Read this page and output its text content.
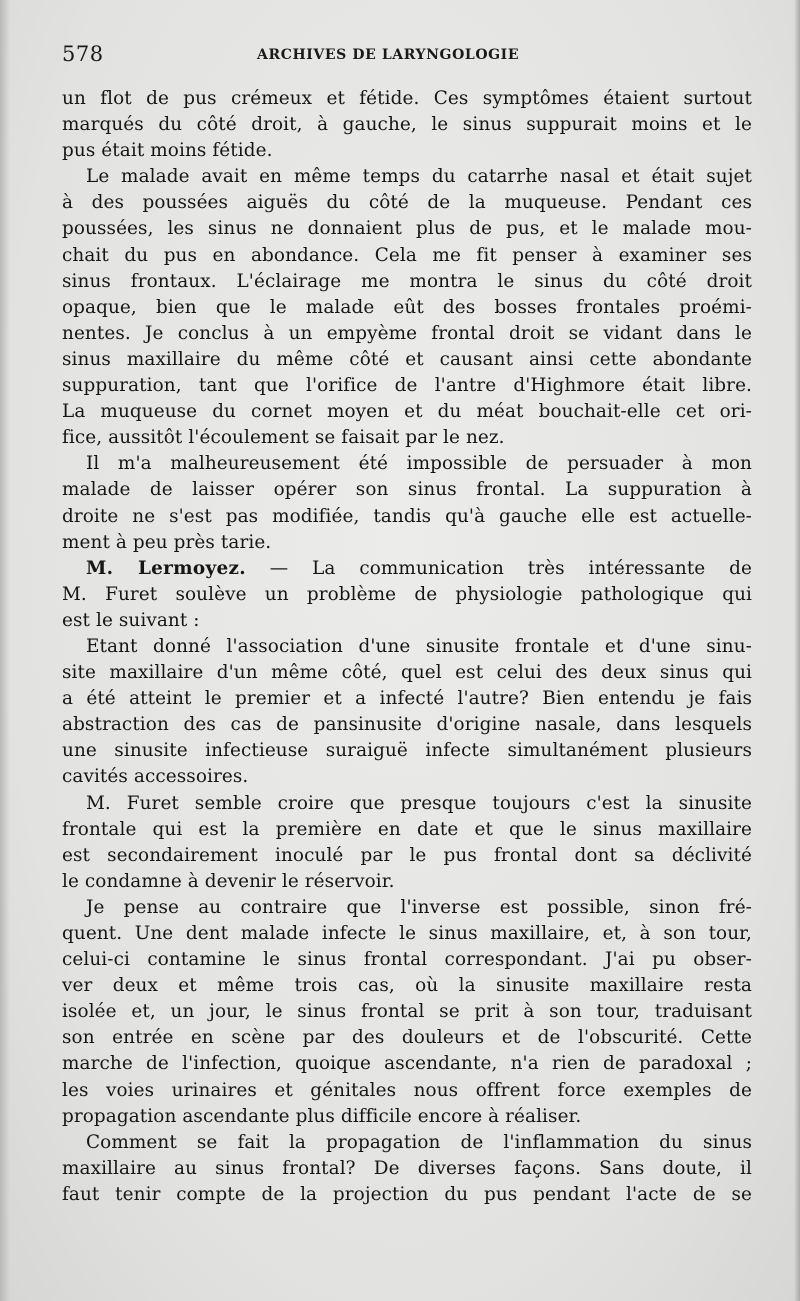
578	ARCHIVES DE LARYNGOLOGIE
un flot de pus crémeux et fétide. Ces symptômes étaient surtout
marqués du côté droit, à gauche, le sinus suppurait moins et le
pus était moins fétide.
Le malade avait en même temps du catarrhe nasal et était sujet
à des poussées aiguës du côté de la muqueuse. Pendant ces
poussées, les sinus ne donnaient plus de pus, et le malade mou-
chait du pus en abondance. Cela me fit penser à examiner ses
sinus frontaux. L'éclairage me montra le sinus du côté droit
opaque, bien que le malade eût des bosses frontales proémi-
nentes. Je conclus à un empyème frontal droit se vidant dans le
sinus maxillaire du même côté et causant ainsi cette abondante
suppuration, tant que l'orifice de l'antre d'Highmore était libre.
La muqueuse du cornet moyen et du méat bouchait-elle cet ori-
fice, aussitôt l'écoulement se faisait par le nez.
Il m'a malheureusement été impossible de persuader à mon
malade de laisser opérer son sinus frontal. La suppuration à
droite ne s'est pas modifiée, tandis qu'à gauche elle est actuelle-
ment à peu près tarie.
M. Lermoyez. — La communication très intéressante de
M. Furet soulève un problème de physiologie pathologique qui
est le suivant :
Etant donné l'association d'une sinusite frontale et d'une sinu-
site maxillaire d'un même côté, quel est celui des deux sinus qui
a été atteint le premier et a infecté l'autre? Bien entendu je fais
abstraction des cas de pansinusite d'origine nasale, dans lesquels
une sinusite infectieuse suraiguë infecte simultanément plusieurs
cavités accessoires.
M. Furet semble croire que presque toujours c'est la sinusite
frontale qui est la première en date et que le sinus maxillaire
est secondairement inoculé par le pus frontal dont sa déclivité
le condamne à devenir le réservoir.
Je pense au contraire que l'inverse est possible, sinon fré-
quent. Une dent malade infecte le sinus maxillaire, et, à son tour,
celui-ci contamine le sinus frontal correspondant. J'ai pu obser-
ver deux et même trois cas, où la sinusite maxillaire resta
isolée et, un jour, le sinus frontal se prit à son tour, traduisant
son entrée en scène par des douleurs et de l'obscurité. Cette
marche de l'infection, quoique ascendante, n'a rien de paradoxal ;
les voies urinaires et génitales nous offrent force exemples de
propagation ascendante plus difficile encore à réaliser.
Comment se fait la propagation de l'inflammation du sinus
maxillaire au sinus frontal? De diverses façons. Sans doute, il
faut tenir compte de la projection du pus pendant l'acte de se
